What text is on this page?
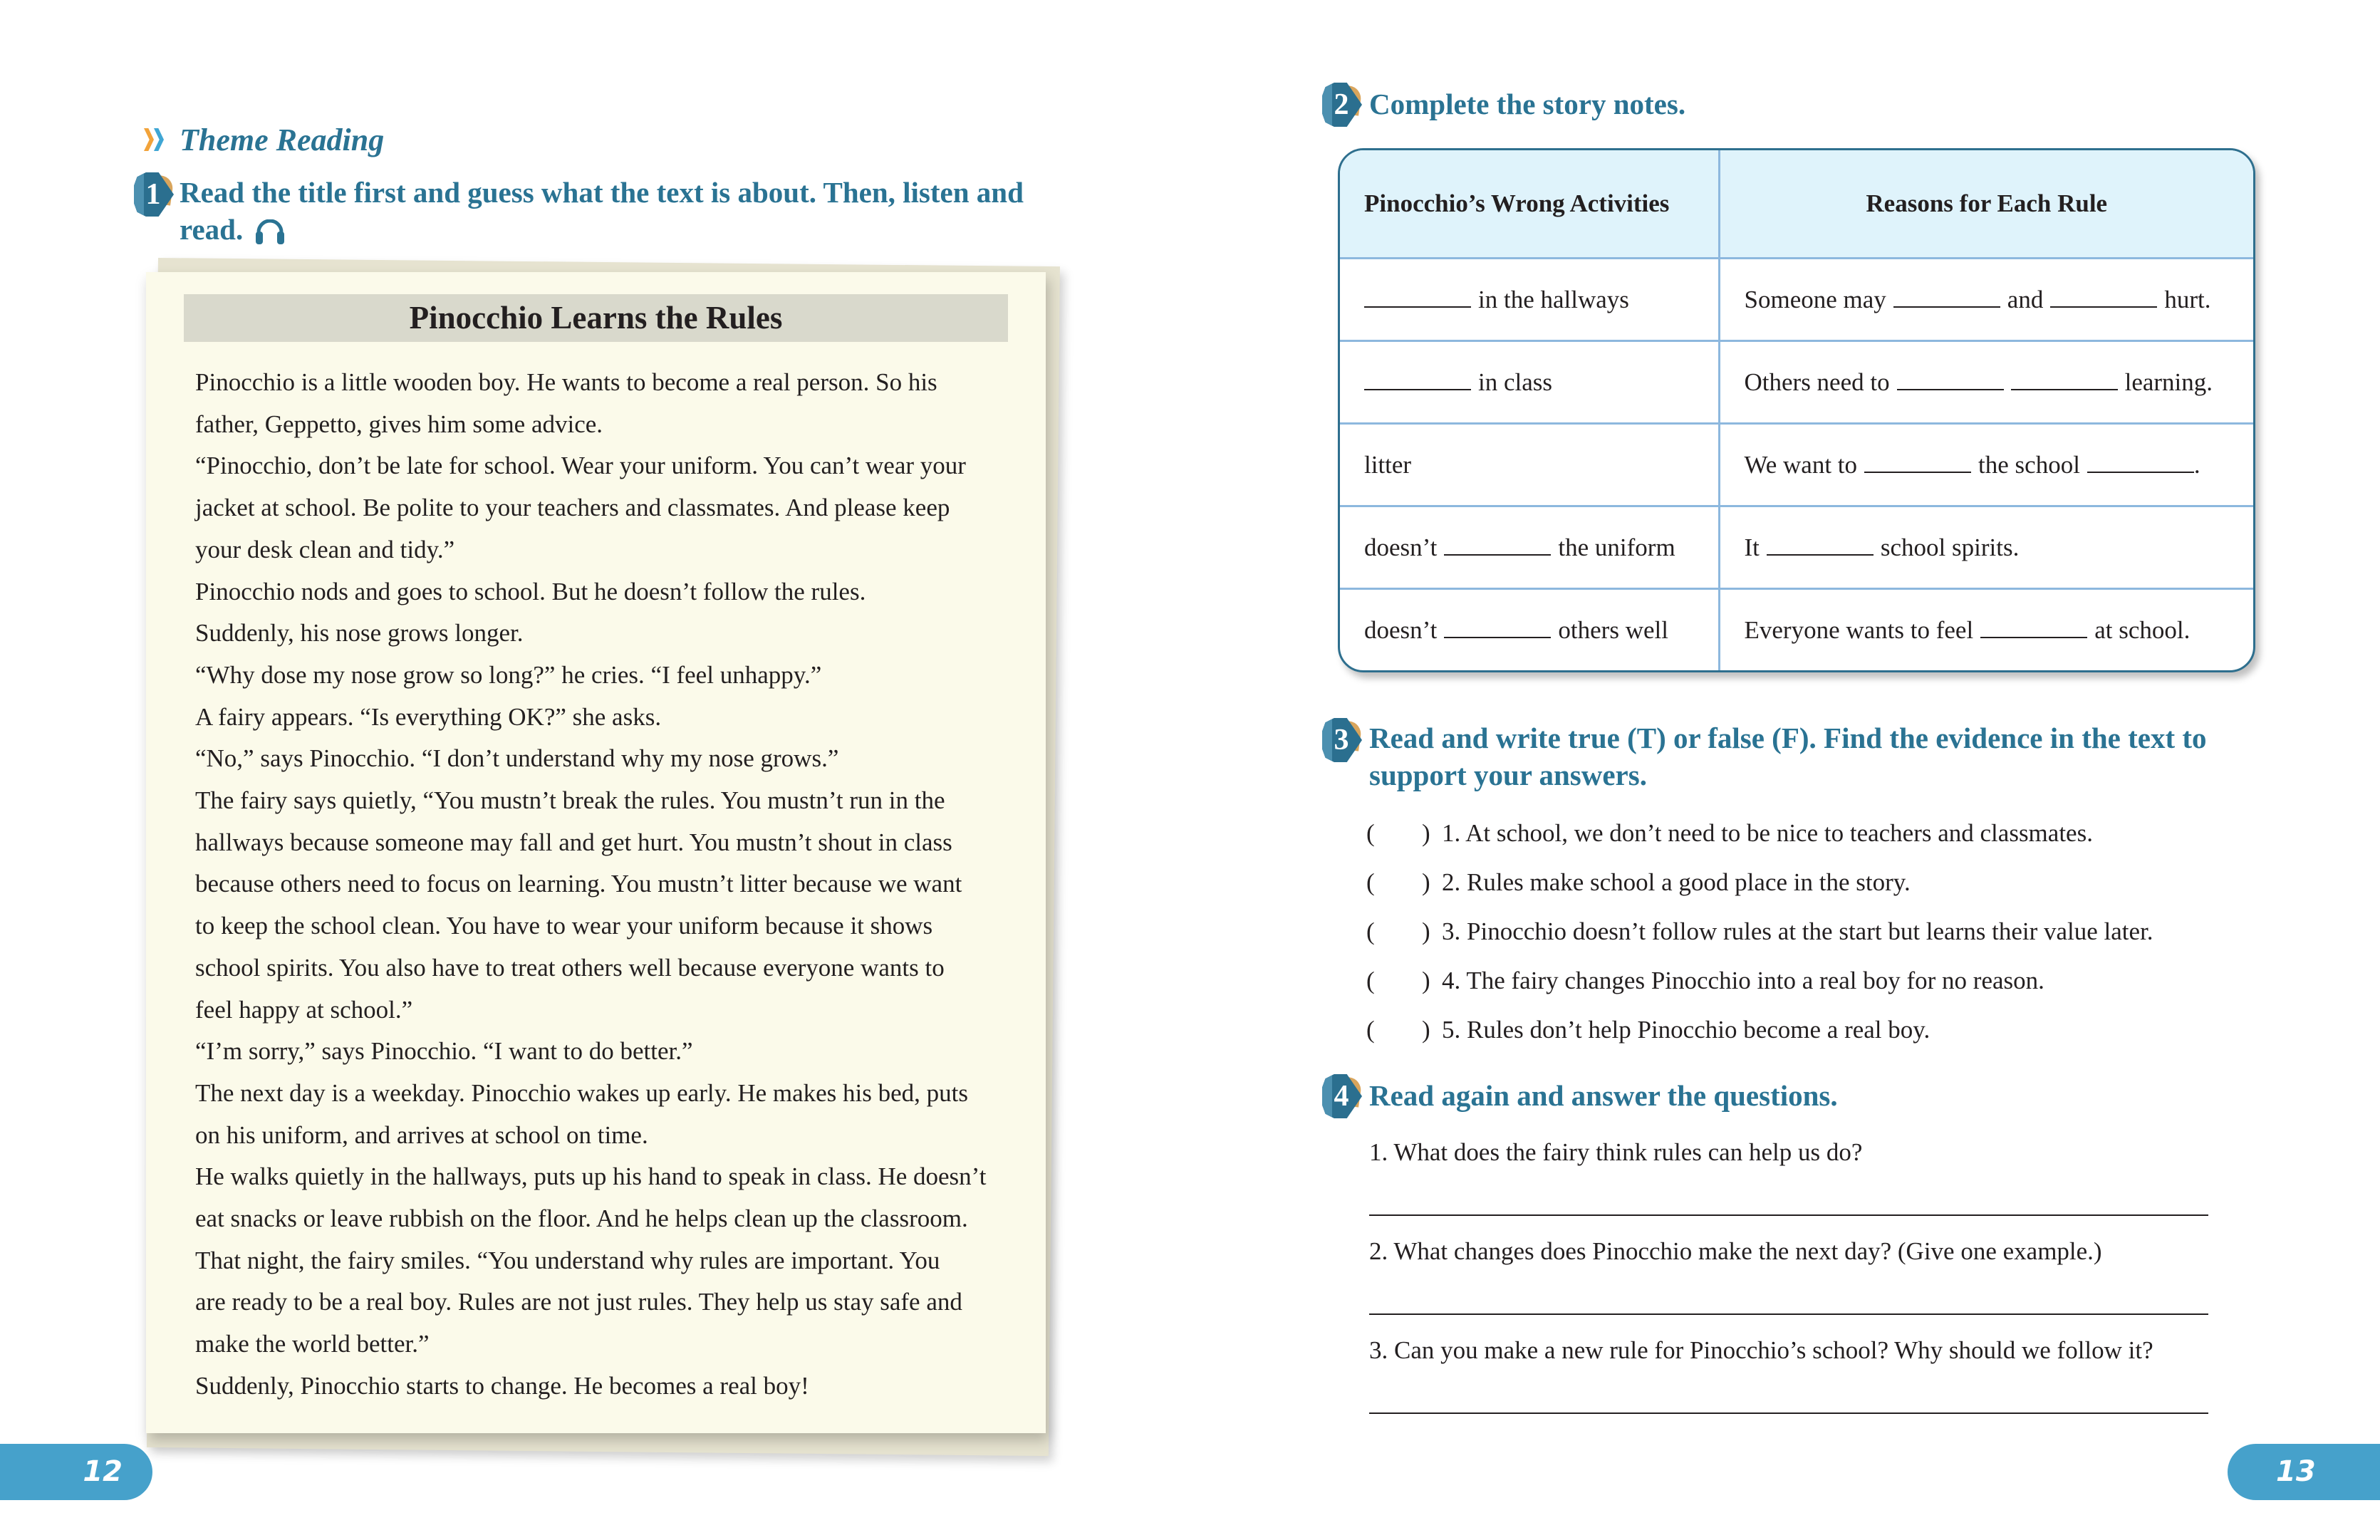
Theme Reading
1 Read the title first and guess what the text is about. Then, listen and
read.
Pinocchio Learns the Rules

Pinocchio is a little wooden boy. He wants to become a real person. So his

father, Geppetto, gives him some advice.

“Pinocchio, don’t be late for school. Wear your uniform. You can’t wear your

jacket at school. Be polite to your teachers and classmates. And please keep

your desk clean and tidy.”

Pinocchio nods and goes to school. But he doesn’t follow the rules.

Suddenly, his nose grows longer.

“Why dose my nose grow so long?” he cries. “I feel unhappy.”

A fairy appears. “Is everything OK?” she asks.

“No,” says Pinocchio. “I don’t understand why my nose grows.”

The fairy says quietly, “You mustn’t break the rules. You mustn’t run in the

hallways because someone may fall and get hurt. You mustn’t shout in class

because others need to focus on learning. You mustn’t litter because we want

to keep the school clean. You have to wear your uniform because it shows

school spirits. You also have to treat others well because everyone wants to

feel happy at school.”

“I’m sorry,” says Pinocchio. “I want to do better.”

The next day is a weekday. Pinocchio wakes up early. He makes his bed, puts

on his uniform, and arrives at school on time.

He walks quietly in the hallways, puts up his hand to speak in class. He doesn’t

eat snacks or leave rubbish on the floor. And he helps clean up the classroom.

That night, the fairy smiles. “You understand why rules are important. You

are ready to be a real boy. Rules are not just rules. They help us stay safe and

make the world better.”

Suddenly, Pinocchio starts to change. He becomes a real boy!

12
2 Complete the story notes.
Pinocchio’s Wrong Activities	Reasons for Each Rule
in the hallways	Someone may and hurt.
in class	Others need to learning.
litter	We want to the school .
doesn’t the uniform	It school spirits.
doesn’t others well	Everyone wants to feel at school.
3 Read and write true (T) or false (F). Find the evidence in the text to
support your answers.
( ) 1. At school, we don’t need to be nice to teachers and classmates.
( ) 2. Rules make school a good place in the story.
( ) 3. Pinocchio doesn’t follow rules at the start but learns their value later.
( ) 4. The fairy changes Pinocchio into a real boy for no reason.
( ) 5. Rules don’t help Pinocchio become a real boy.
4 Read again and answer the questions.
1. What does the fairy think rules can help us do?
2. What changes does Pinocchio make the next day? (Give one example.)
3. Can you make a new rule for Pinocchio’s school? Why should we follow it?
13
